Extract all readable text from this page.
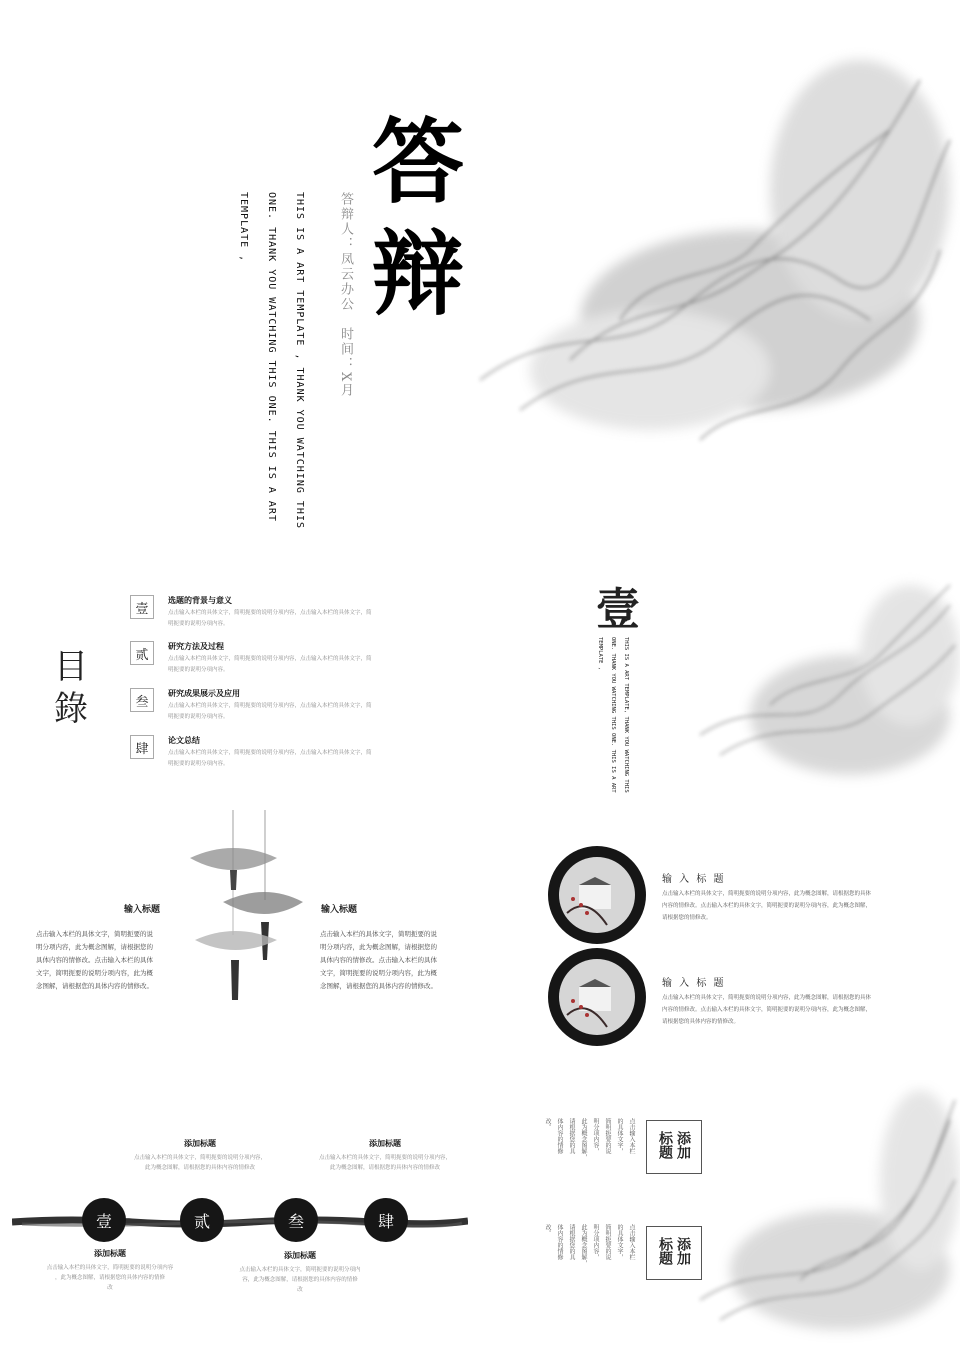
答
辩
答辩人：凤云办公　时间：X月
THIS IS A ART TEMPLATE , THANK YOU WATCHING THIS
ONE. THANK YOU WATCHING THIS ONE. THIS IS A ART
TEMPLATE ,
目
錄
壹
选题的背景与意义
点击输入本栏的具体文字，简明扼要的说明分项内容，点击输入本栏的具体文字，简
明扼要的说明分项内容。
贰
研究方法及过程
点击输入本栏的具体文字，简明扼要的说明分项内容，点击输入本栏的具体文字，简
明扼要的说明分项内容。
叁
研究成果展示及应用
点击输入本栏的具体文字，简明扼要的说明分项内容，点击输入本栏的具体文字，简
明扼要的说明分项内容。
肆
论文总结
点击输入本栏的具体文字，简明扼要的说明分项内容，点击输入本栏的具体文字，简
明扼要的说明分项内容。
壹
THIS IS A ART TEMPLATE, THANK YOU WATCHING THIS
ONE. THANK YOU WATCHING THIS ONE. THIS IS A ART
TEMPLATE ,
输入标题
点击输入本栏的具体文字，简明扼要的说
明分项内容，此为概念图解，请根据您的
具体内容的情修改。点击输入本栏的具体
文字，简明扼要的说明分项内容，此为概
念图解，请根据您的具体内容的情修改。
输入标题
点击输入本栏的具体文字，简明扼要的说
明分项内容，此为概念图解，请根据您的
具体内容的情修改。点击输入本栏的具体
文字，简明扼要的说明分项内容，此为概
念图解，请根据您的具体内容的情修改。
输 入 标 题
点击输入本栏的具体文字，简明扼要的说明分项内容，此为概念图解，请根据您的具体
内容的情修改。点击输入本栏的具体文字，简明扼要的说明分项内容，此为概念图解，
请根据您的情修改。
输 入 标 题
点击输入本栏的具体文字，简明扼要的说明分项内容，此为概念图解，请根据您的具体
内容的情修改。点击输入本栏的具体文字，简明扼要的说明分项内容，此为概念图解，
请根据您的具体内容的情修改。
添加标题
点击输入本栏的具体文字，简明扼要的说明分项内容，
此为概念图解，请根据您的具体内容的情修改
添加标题
点击输入本栏的具体文字，简明扼要的说明分项内容，
此为概念图解，请根据您的具体内容的情修改
壹	贰	叁	肆
添加标题
点击输入本栏的具体文字，简明扼要的说明分项内容
，此为概念图解，请根据您的具体内容的情修
改
添加标题
点击输入本栏的具体文字，简明扼要的说明分项内
容，此为概念图解，请根据您的具体内容的情修
改
添加
标题
点击输入本栏
的具体文字，
简明扼要的说
明分项内容，
此为概念图解，
请根据您的具
体内容的情修
改。
添加
标题
点击输入本栏
的具体文字，
简明扼要的说
明分项内容，
此为概念图解，
请根据您的具
体内容的情修
改。
